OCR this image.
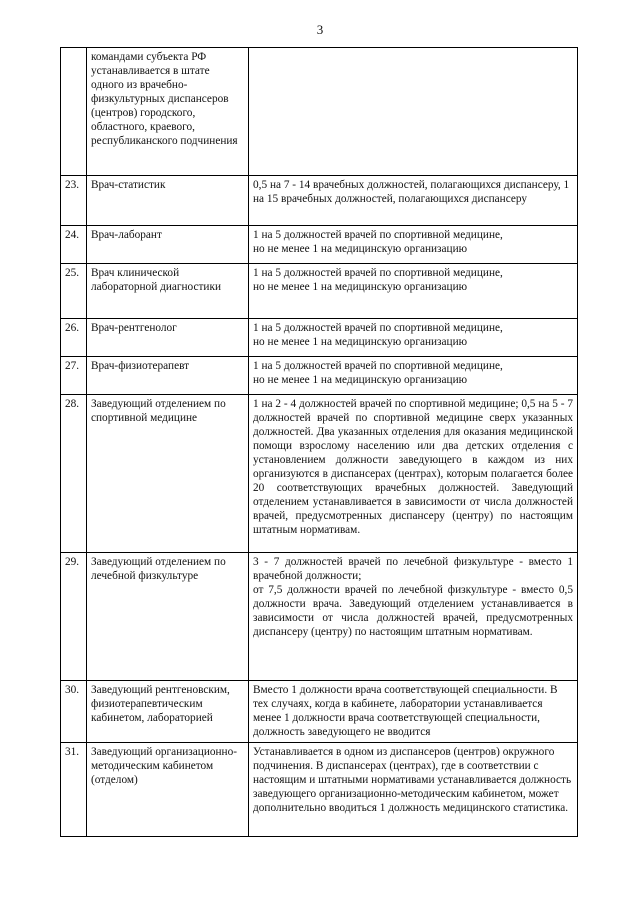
3
	командами субъекта РФ устанавливается в штате одного из врачебно-физкультурных диспансеров (центров) городского, областного, краевого, республиканского подчинения	
23.	Врач-статистик	0,5 на 7 - 14 врачебных должностей, полагающихся диспансеру, 1 на 15 врачебных должностей, полагающихся диспансеру
24.	Врач-лаборант	1 на 5 должностей врачей по спортивной медицине,
но не менее 1 на медицинскую организацию
25.	Врач клинической лабораторной диагностики	1 на 5 должностей врачей по спортивной медицине,
но не менее 1 на медицинскую организацию
26.	Врач-рентгенолог	1 на 5 должностей врачей по спортивной медицине,
но не менее 1 на медицинскую организацию
27.	Врач-физиотерапевт	1 на 5 должностей врачей по спортивной медицине,
но не менее 1 на медицинскую организацию
28.	Заведующий отделением по спортивной медицине	1 на 2 - 4 должностей врачей по спортивной медицине; 0,5 на 5 - 7 должностей врачей по спортивной медицине сверх указанных должностей. Два указанных отделения для оказания медицинской помощи взрослому населению или два детских отделения с установлением должности заведующего в каждом из них организуются в диспансерах (центрах), которым полагается более 20 соответствующих врачебных должностей. Заведующий отделением устанавливается в зависимости от числа должностей врачей, предусмотренных диспансеру (центру) по настоящим штатным нормативам.
29.	Заведующий отделением по лечебной физкультуре	3 - 7 должностей врачей по лечебной физкультуре - вместо 1 врачебной должности;
от 7,5 должности врачей по лечебной физкультуре - вместо 0,5 должности врача. Заведующий отделением устанавливается в зависимости от числа должностей врачей, предусмотренных диспансеру (центру) по настоящим штатным нормативам.
30.	Заведующий рентгеновским, физиотерапевтическим кабинетом, лабораторией	Вместо 1 должности врача соответствующей специальности. В тех случаях, когда в кабинете, лаборатории устанавливается менее 1 должности врача соответствующей специальности, должность заведующего не вводится
31.	Заведующий организационно-методическим кабинетом (отделом)	Устанавливается в одном из диспансеров (центров) окружного подчинения. В диспансерах (центрах), где в соответствии с настоящим и штатными нормативами устанавливается должность заведующего организационно-методическим кабинетом, может дополнительно вводиться 1 должность медицинского статистика.
